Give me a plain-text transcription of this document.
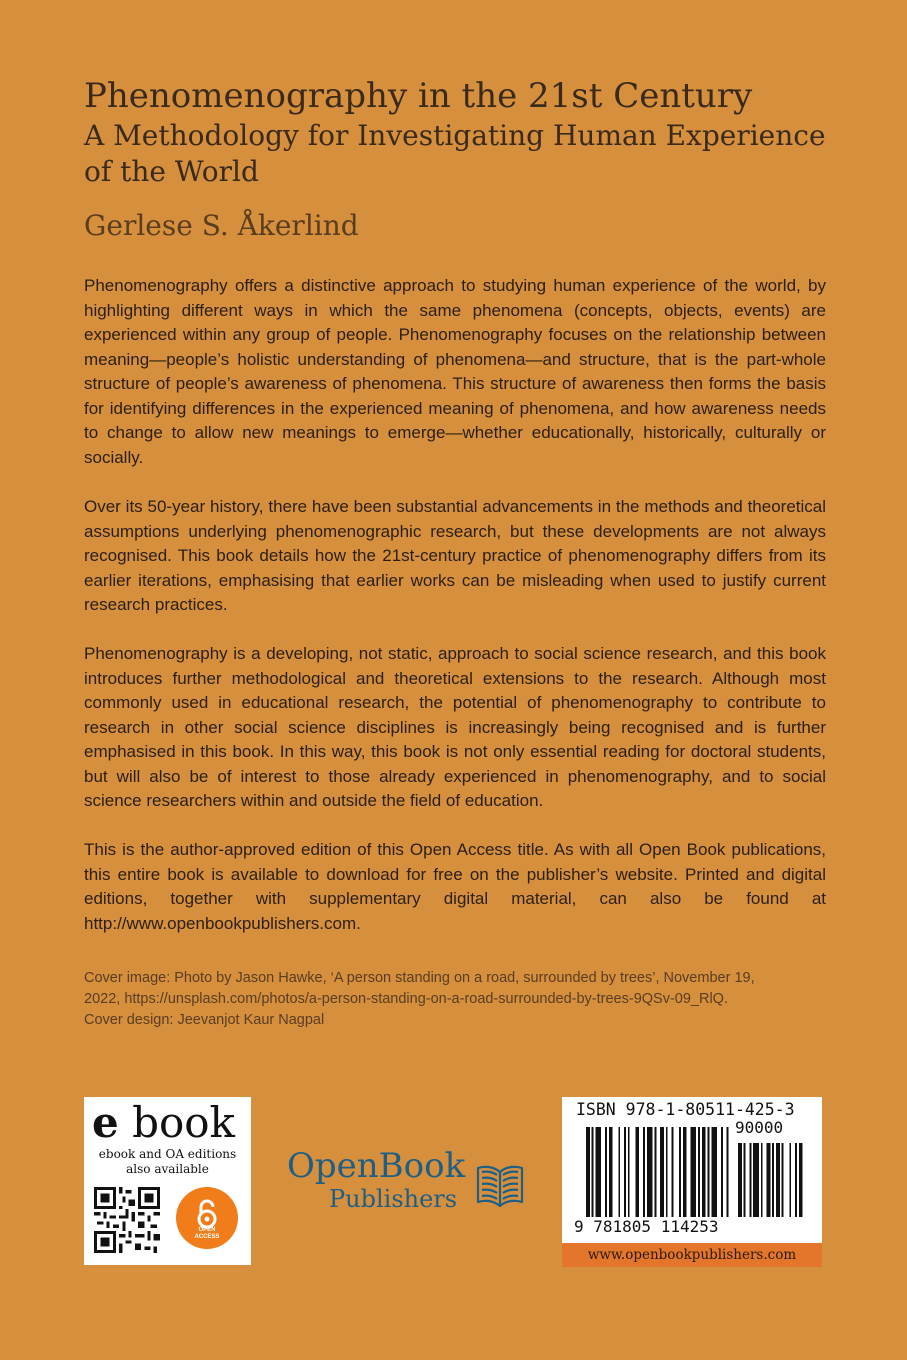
Phenomenography in the 21st Century
A Methodology for Investigating Human Experience
of the World
Gerlese S. Åkerlind

Phenomenography offers a distinctive approach to studying human experience of the world, by highlighting different ways in which the same phenomena (concepts, objects, events) are experienced within any group of people. Phenomenography focuses on the relationship between meaning—people’s holistic understanding of phenomena—and structure, that is the part-whole structure of people’s awareness of phenomena. This structure of awareness then forms the basis for identifying differences in the experienced meaning of phenomena, and how awareness needs to change to allow new meanings to emerge—whether educationally, historically, culturally or socially.

Over its 50-year history, there have been substantial advancements in the methods and theoretical assumptions underlying phenomenographic research, but these developments are not always recognised. This book details how the 21st-century practice of phenomenography differs from its earlier iterations, emphasising that earlier works can be misleading when used to justify current research practices.

Phenomenography is a developing, not static, approach to social science research, and this book introduces further methodological and theoretical extensions to the research. Although most commonly used in educational research, the potential of phenomenography to contribute to research in other social science disciplines is increasingly being recognised and is further emphasised in this book. In this way, this book is not only essential reading for doctoral students, but will also be of interest to those already experienced in phenomenography, and to social science researchers within and outside the field of education.

This is the author-approved edition of this Open Access title. As with all Open Book publications, this entire book is available to download for free on the publisher’s website. Printed and digital editions, together with supplementary digital material, can also be found at http://www.openbookpublishers.com.

Cover image: Photo by Jason Hawke, ‘A person standing on a road, surrounded by trees’, November 19,
2022, https://unsplash.com/photos/a-person-standing-on-a-road-surrounded-by-trees-9QSv-09_RlQ.
Cover design: Jeevanjot Kaur Nagpal
e book
ebook and OA editions
also available
OPEN
ACCESS
OpenBook
Publishers
ISBN 978-1-80511-425-3
90000
9 781805 114253
www.openbookpublishers.com
